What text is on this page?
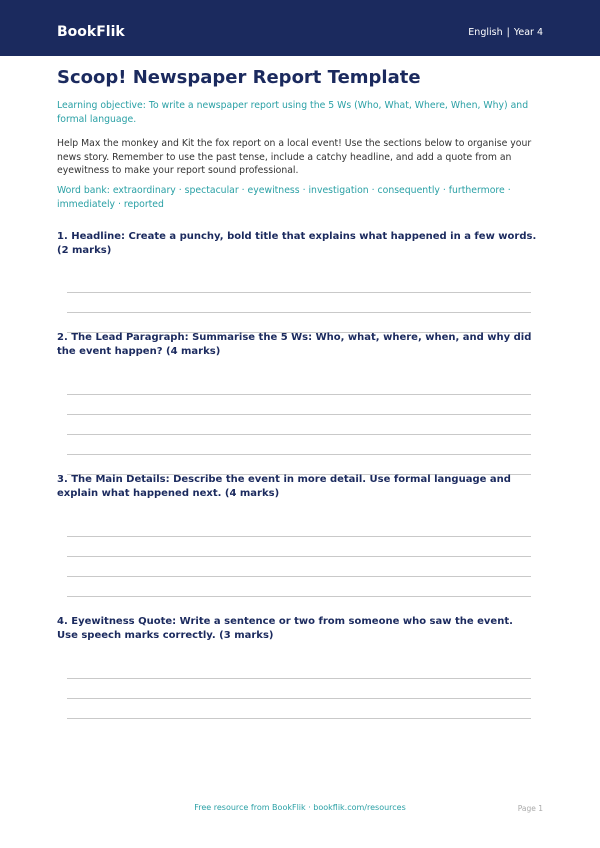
BookFlik	English | Year 4
Scoop! Newspaper Report Template
Learning objective: To write a newspaper report using the 5 Ws (Who, What, Where, When, Why) and formal language.
Help Max the monkey and Kit the fox report on a local event! Use the sections below to organise your news story. Remember to use the past tense, include a catchy headline, and add a quote from an eyewitness to make your report sound professional.
Word bank: extraordinary · spectacular · eyewitness · investigation · consequently · furthermore · immediately · reported
1. Headline: Create a punchy, bold title that explains what happened in a few words. (2 marks)
2. The Lead Paragraph: Summarise the 5 Ws: Who, what, where, when, and why did the event happen? (4 marks)
3. The Main Details: Describe the event in more detail. Use formal language and explain what happened next. (4 marks)
4. Eyewitness Quote: Write a sentence or two from someone who saw the event. Use speech marks correctly. (3 marks)
Free resource from BookFlik · bookflik.com/resources	Page 1
